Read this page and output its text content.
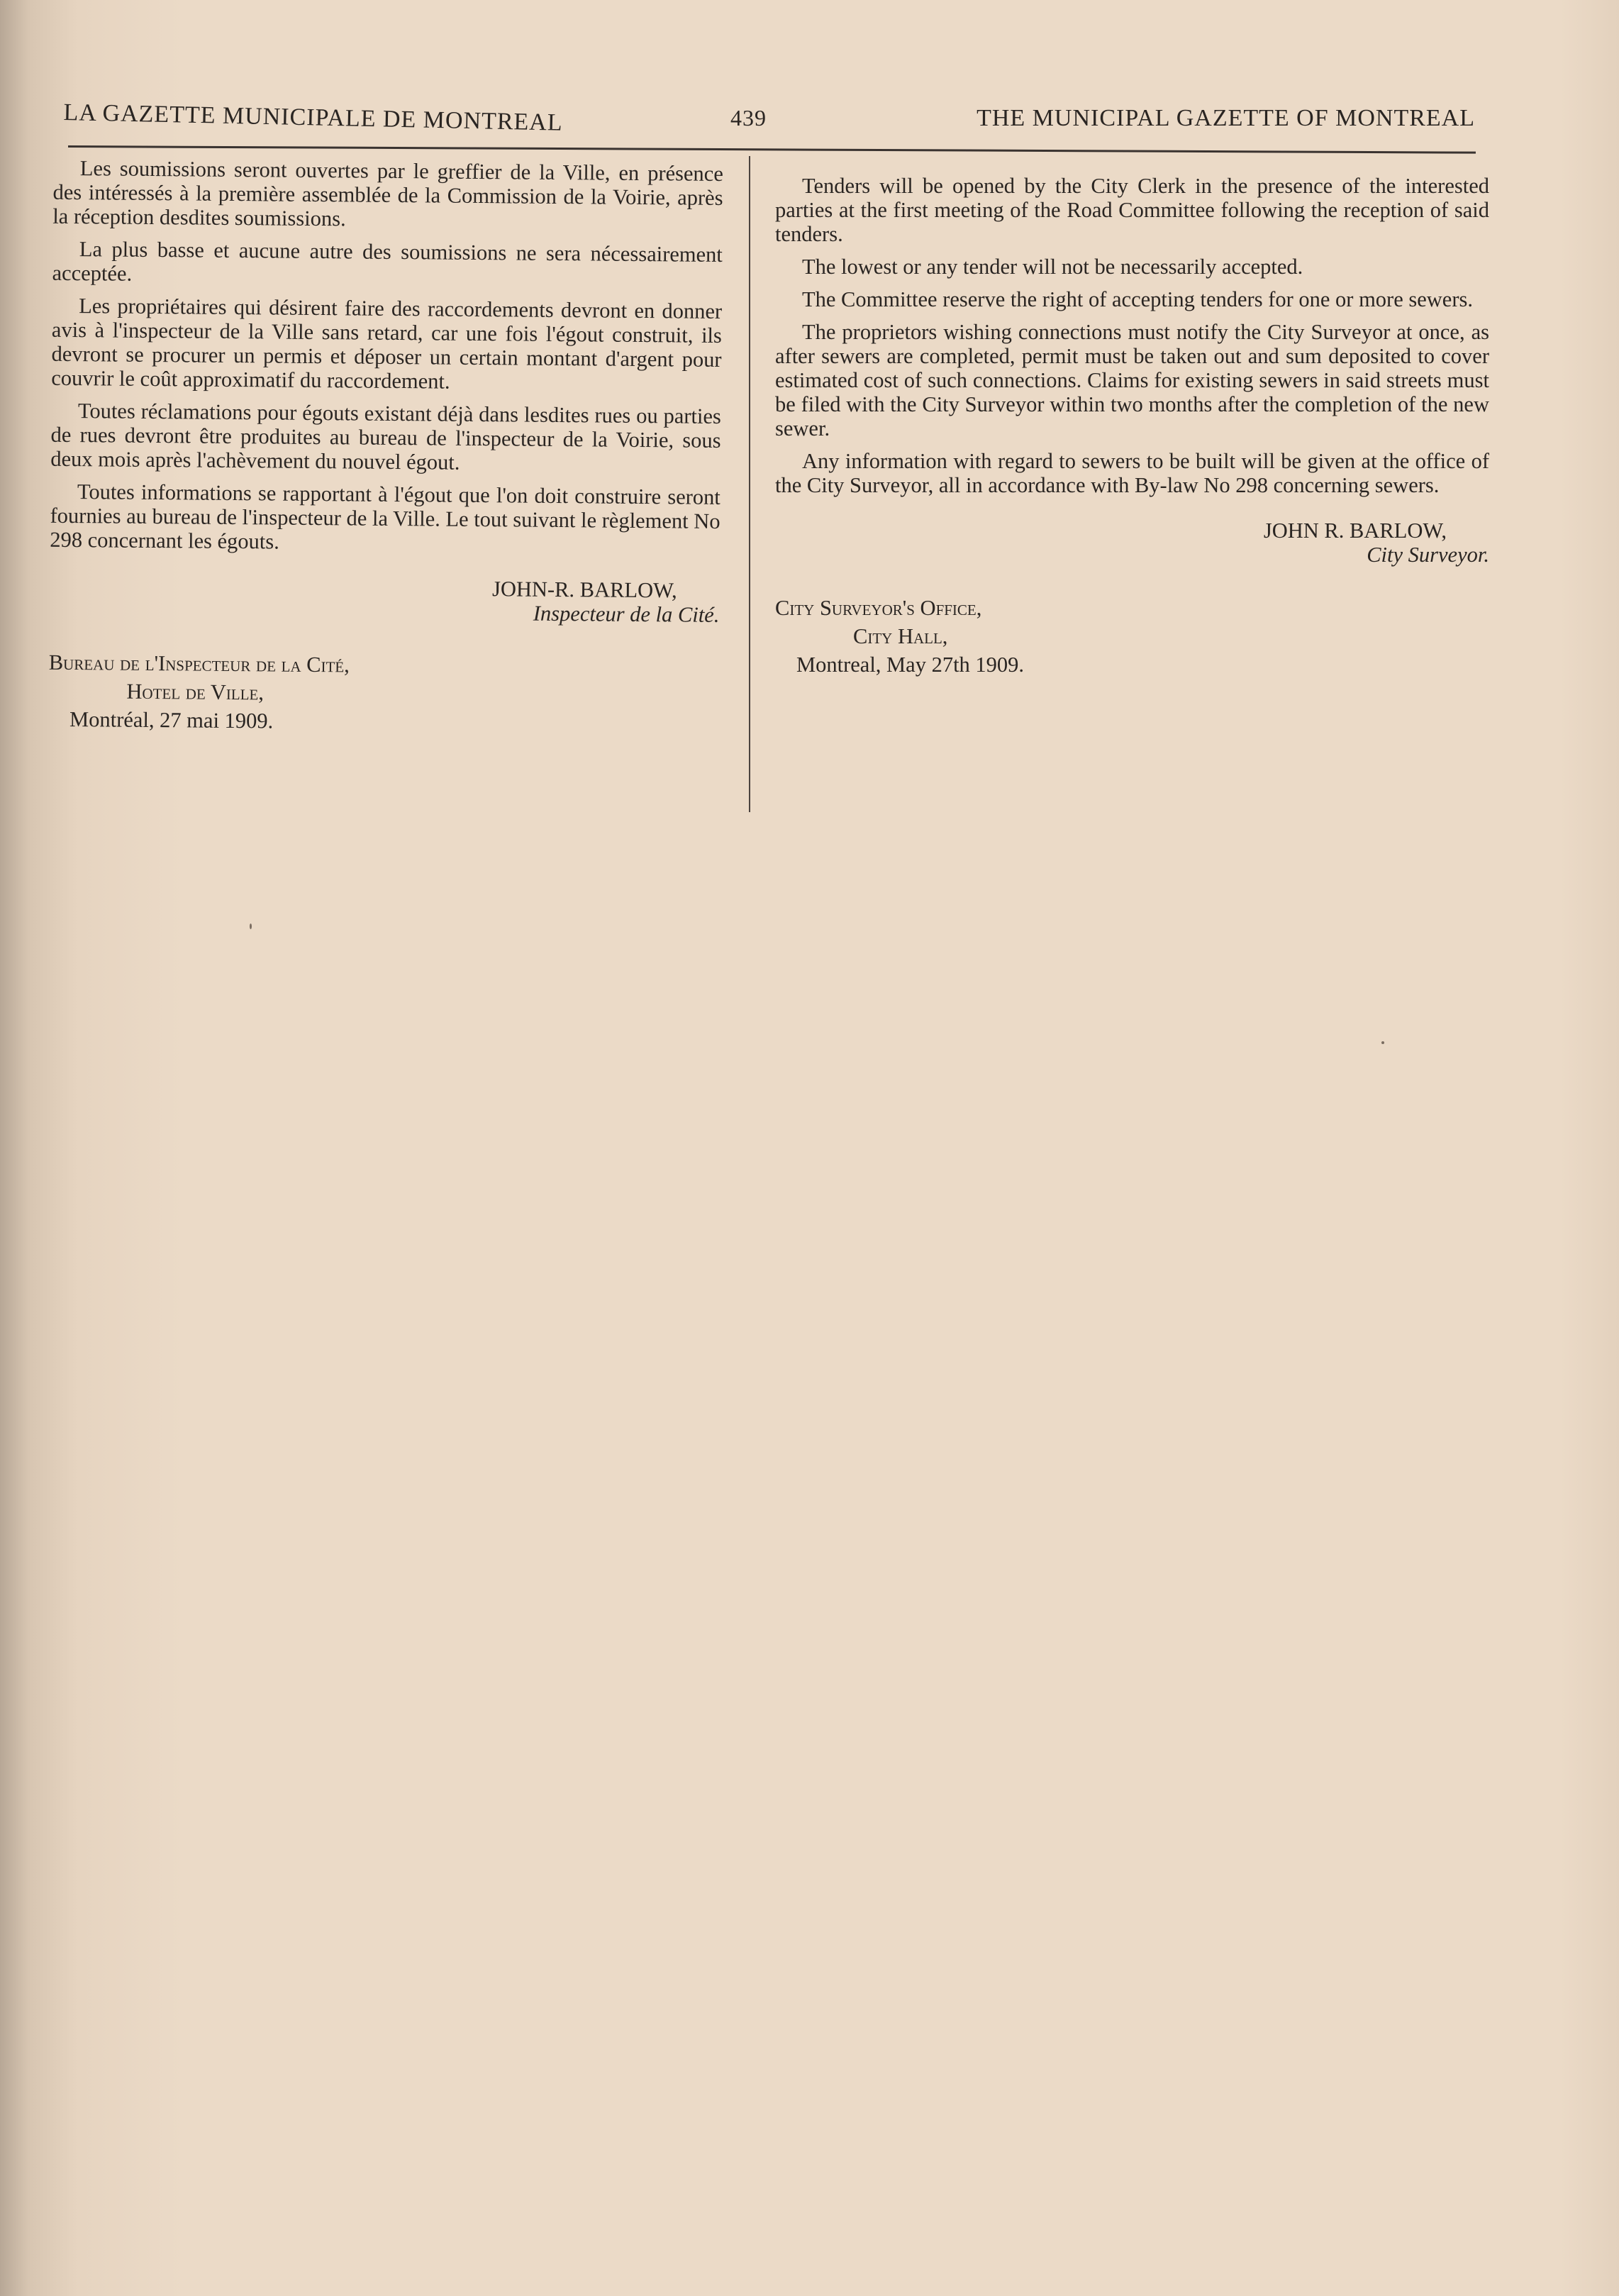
LA GAZETTE MUNICIPALE DE MONTREAL	439	THE MUNICIPAL GAZETTE OF MONTREAL

Les soumissions seront ouvertes par le greffier de la Ville, en présence des intéressés à la première assemblée de la Commission de la Voirie, après la réception desdites soumissions.

La plus basse et aucune autre des soumissions ne sera nécessairement acceptée.

Les propriétaires qui désirent faire des raccordements devront en donner avis à l'inspecteur de la Ville sans retard, car une fois l'égout construit, ils devront se procurer un permis et déposer un certain montant d'argent pour couvrir le coût approximatif du raccordement.

Toutes réclamations pour égouts existant déjà dans lesdites rues ou parties de rues devront être produites au bureau de l'inspecteur de la Voirie, sous deux mois après l'achèvement du nouvel égout.

Toutes informations se rapportant à l'égout que l'on doit construire seront fournies au bureau de l'inspecteur de la Ville. Le tout suivant le règlement No 298 concernant les égouts.

JOHN-R. BARLOW,
Inspecteur de la Cité.
Bureau de l'Inspecteur de la Cité,
Hotel de Ville,
Montréal, 27 mai 1909.

Tenders will be opened by the City Clerk in the presence of the interested parties at the first meeting of the Road Committee following the reception of said tenders.

The lowest or any tender will not be necessarily accepted.

The Committee reserve the right of accepting tenders for one or more sewers.

The proprietors wishing connections must notify the City Surveyor at once, as after sewers are completed, permit must be taken out and sum deposited to cover estimated cost of such connections. Claims for existing sewers in said streets must be filed with the City Surveyor within two months after the completion of the new sewer.

Any information with regard to sewers to be built will be given at the office of the City Surveyor, all in accordance with By-law No 298 concerning sewers.

JOHN R. BARLOW,
City Surveyor.
City Surveyor's Office,
City Hall,
Montreal, May 27th 1909.
